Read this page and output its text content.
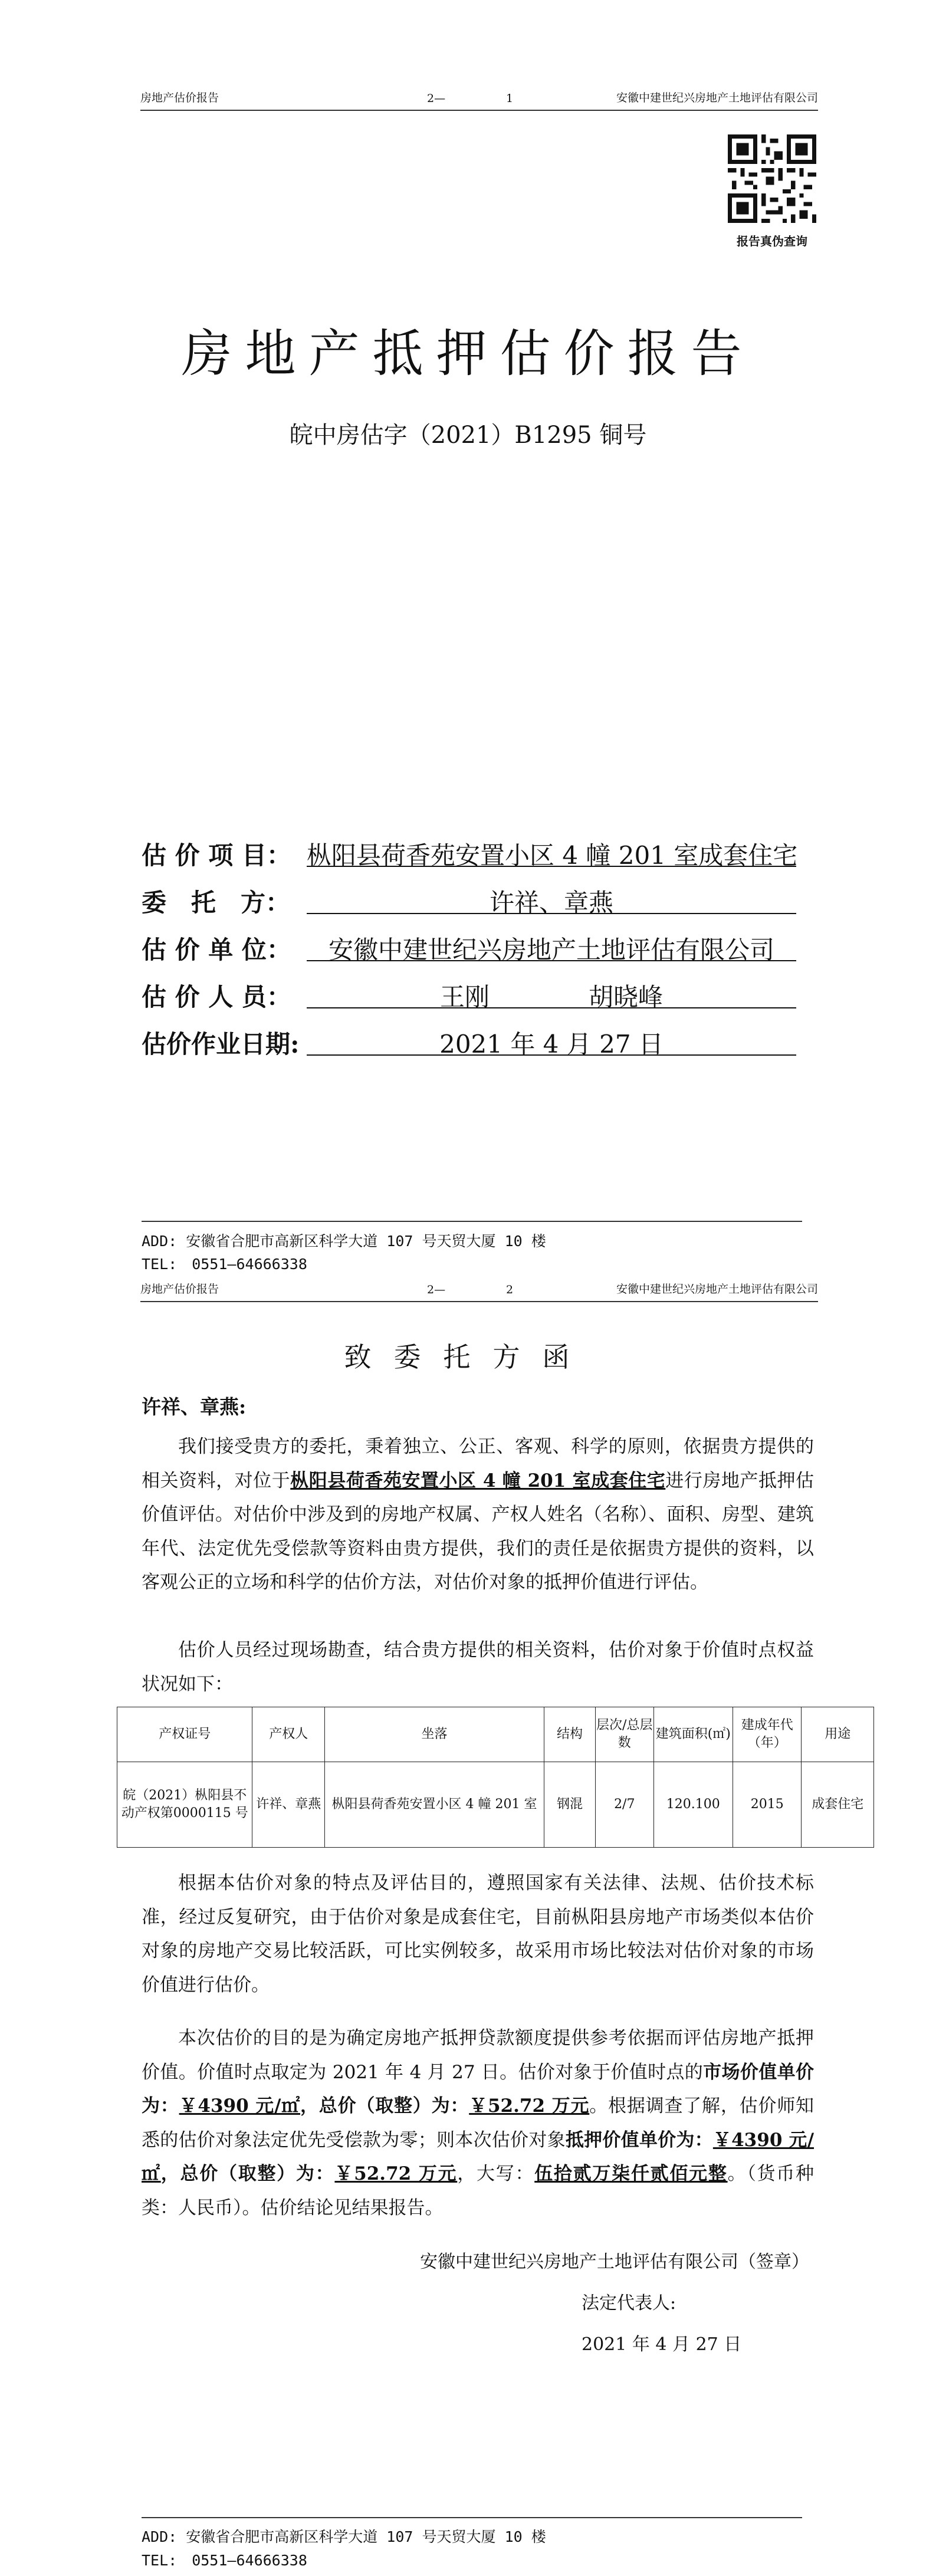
房地产估价报告	2—	1	安徽中建世纪兴房地产土地评估有限公司
报告真伪查询
房地产抵押估价报告
皖中房估字（2021）B1295 铜号
估 价 项 目： 枞阳县荷香苑安置小区 4 幢 201 室成套住宅
委　托　方：	许祥、章燕
估 价 单 位：	安徽中建世纪兴房地产土地评估有限公司
估 价 人 员：	王刚　　　　胡晓峰
估价作业日期:	2021 年 4 月 27 日
ADD: 安徽省合肥市高新区科学大道 107 号天贸大厦 10 楼
TEL:　0551—64666338
房地产估价报告	2—	2	安徽中建世纪兴房地产土地评估有限公司
致委托方函
许祥、章燕:
我们接受贵方的委托，秉着独立、公正、客观、科学的原则，依据贵方提供的相关资料，对位于枞阳县荷香苑安置小区 4 幢 201 室成套住宅进行房地产抵押估价值评估。对估价中涉及到的房地产权属、产权人姓名（名称）、面积、房型、建筑年代、法定优先受偿款等资料由贵方提供，我们的责任是依据贵方提供的资料，以客观公正的立场和科学的估价方法，对估价对象的抵押价值进行评估。
估价人员经过现场勘查，结合贵方提供的相关资料，估价对象于价值时点权益状况如下：
产权证号	产权人	坐落	结构	层次/总层数	建筑面积(㎡)	建成年代（年）	用途
皖（2021）枞阳县不动产权第0000115 号	许祥、章燕	枞阳县荷香苑安置小区 4 幢 201 室	钢混	2/7	120.100	2015	成套住宅
根据本估价对象的特点及评估目的，遵照国家有关法律、法规、估价技术标准，经过反复研究，由于估价对象是成套住宅，目前枞阳县房地产市场类似本估价对象的房地产交易比较活跃，可比实例较多，故采用市场比较法对估价对象的市场价值进行估价。
本次估价的目的是为确定房地产抵押贷款额度提供参考依据而评估房地产抵押价值。价值时点取定为 2021 年 4 月 27 日。估价对象于价值时点的市场价值单价为：￥4390 元/㎡，总价（取整）为：￥52.72 万元。根据调查了解，估价师知悉的估价对象法定优先受偿款为零；则本次估价对象抵押价值单价为：￥4390 元/㎡，总价（取整）为：￥52.72 万元，大写：伍拾贰万柒仟贰佰元整。（货币种类：人民币）。估价结论见结果报告。
安徽中建世纪兴房地产土地评估有限公司（签章）
法定代表人:
2021 年 4 月 27 日
ADD: 安徽省合肥市高新区科学大道 107 号天贸大厦 10 楼
TEL:　0551—64666338
